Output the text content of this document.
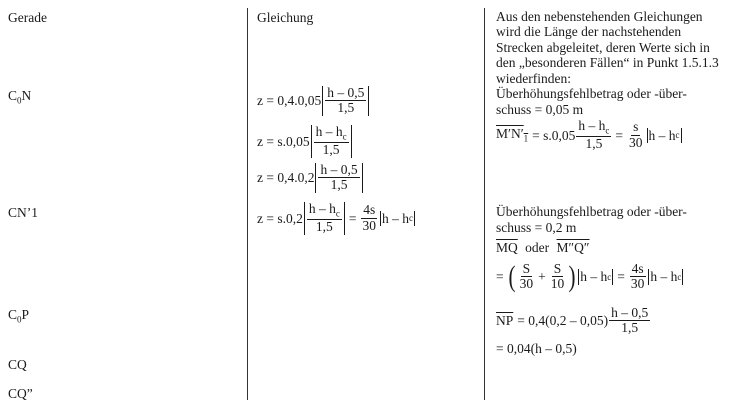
Gerade	Gleichung	Aus den nebenstehenden Gleichungen wird die Länge der nachstehenden Strecken abgeleitet, deren Werte sich in den „besonderen Fällen“ in Punkt 1.5.1.3 wiederfinden:
$C_0N$
CN’1
$C_0P$
CQ
CQ”
$z = 0,4.0,05 \frac{h - 0,5}{1,5}$
$z = s.0,05 \frac{h - h_c}{1,5}$
$z = 0,4.0,2 \frac{h - 0,5}{1,5}$
$z = s.0,2 \frac{h - h_c}{1,5} = \frac{4s}{30}$ h – h c
Überhöhungsfehlbetrag oder -über-schuss = 0,05 m
$M'N'_1 = s.0,05 \frac{h - h_c}{1,5} = \frac{s}{30}$ h – h c
Überhöhungsfehlbetrag oder -über-schuss = 0,2 m
$\overline{MQ}$ oder M″Q″
= ( $\frac{S}{30} + \frac{S}{10}$ ) h – h $c = \frac{4s}{30}$ h – h c
$\overline{NP} = 0,4(0,2 - 0,05) \frac{h - 0,5}{1,5}$
= 0,04(h – 0,5)
